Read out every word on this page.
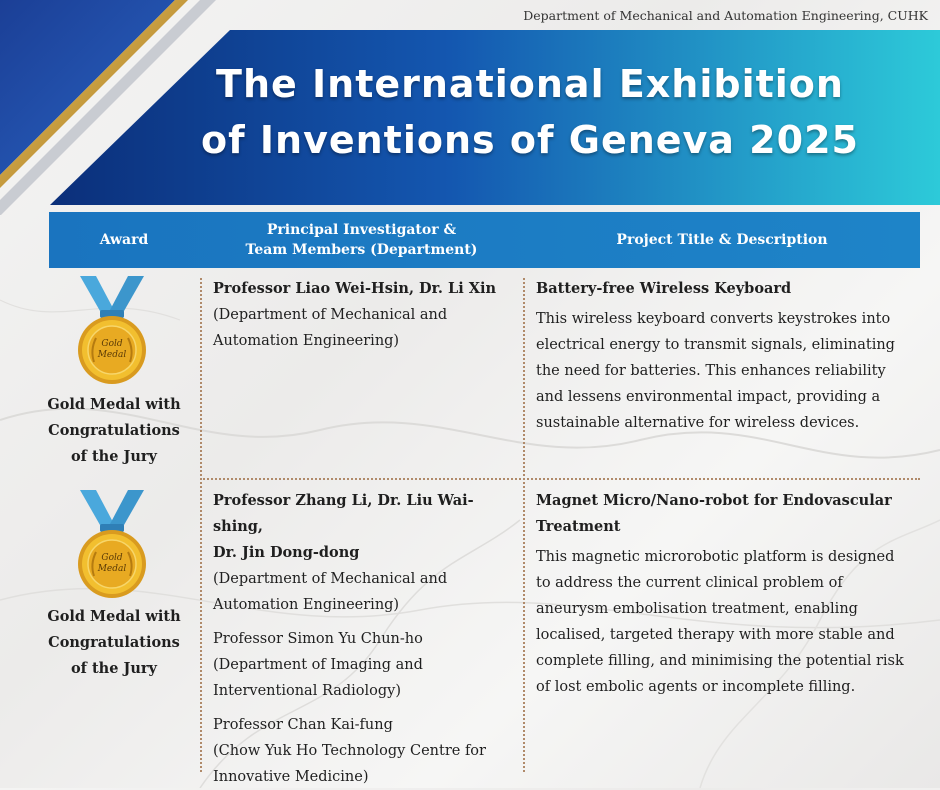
Department of Mechanical and Automation Engineering, CUHK
The International Exhibition
of Inventions of Geneva 2025
Award
Principal Investigator &
Team Members (Department)
Project Title & Description
Gold
Medal
Gold Medal with
Congratulations
of the Jury
Professor Liao Wei-Hsin, Dr. Li Xin
(Department of Mechanical and
Automation Engineering)
Battery-free Wireless Keyboard
This wireless keyboard converts keystrokes into
electrical energy to transmit signals, eliminating
the need for batteries. This enhances reliability
and lessens environmental impact, providing a
sustainable alternative for wireless devices.
Gold
Medal
Gold Medal with
Congratulations
of the Jury
Professor Zhang Li, Dr. Liu Wai-shing,
Dr. Jin Dong-dong
(Department of Mechanical and
Automation Engineering)
Professor Simon Yu Chun-ho
(Department of Imaging and
Interventional Radiology)
Professor Chan Kai-fung
(Chow Yuk Ho Technology Centre for
Innovative Medicine)
Magnet Micro/Nano-robot for Endovascular
Treatment
This magnetic microrobotic platform is designed
to address the current clinical problem of
aneurysm embolisation treatment, enabling
localised, targeted therapy with more stable and
complete filling, and minimising the potential risk
of lost embolic agents or incomplete filling.
